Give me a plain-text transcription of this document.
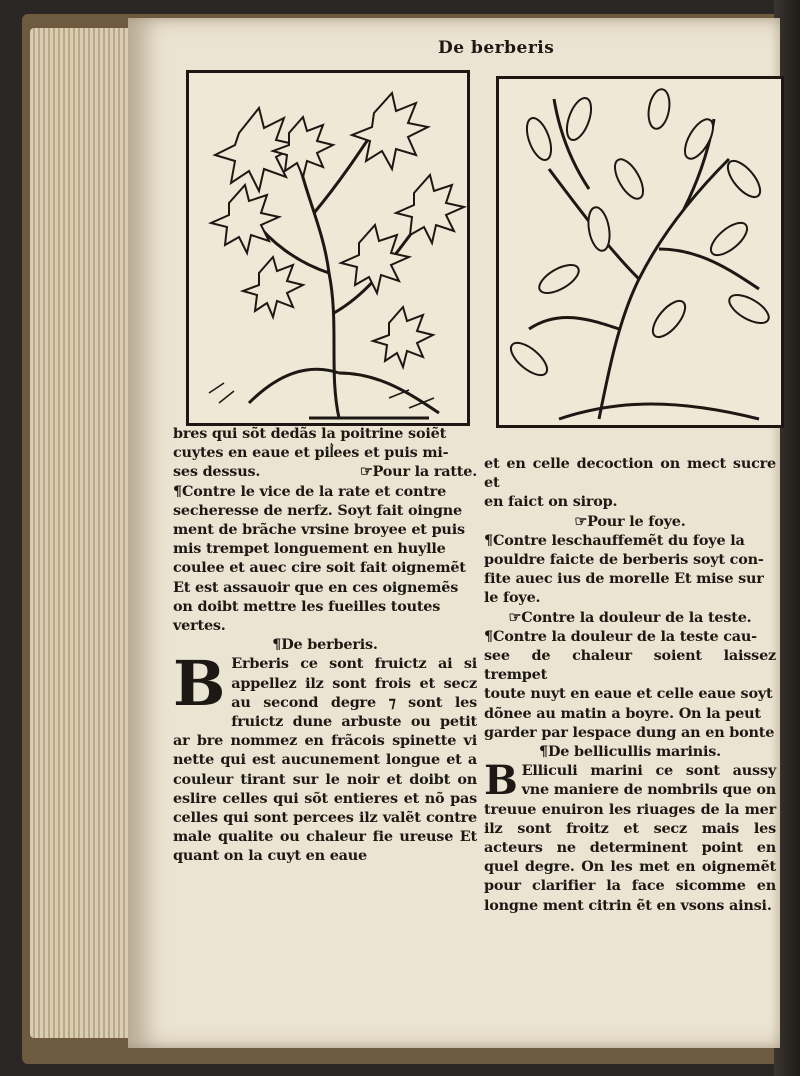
De berberis

bres qui sõt dedãs la poitrine soiẽt

cuytes en eaue et pil͛ees et puis mi-

ses dessus.	☞Pour la ratte.

¶Contre le vice de la rate et contre

secheresse de nerfz. Soyt fait oingne

ment de brãche vrsine broyee et puis

mis trempet longuement en huylle

coulee et auec cire soit fait oignemẽt

Et est assauoir que en ces oignemẽs

on doibt mettre les fueilles toutes

vertes.

¶De berberis.

B Erberis ce sont fruictz ai si appellez ilz sont frois et secz au second degre ⁊ sont les fruictz dune arbuste ou petit ar bre nommez en frãcois spinette vi nette qui est aucunement longue et a couleur tirant sur le noir et doibt on eslire celles qui sõt entieres et nõ pas celles qui sont percees ilz valẽt contre male qualite ou chaleur fie ureuse Et quant on la cuyt en eaue

et en celle decoction on mect sucre et

en faict on sirop.

☞Pour le foye.

¶Contre leschauffemẽt du foye la

pouldre faicte de berberis soyt con-

fite auec ius de morelle Et mise sur

le foye.

☞Contre la douleur de la teste.

¶Contre la douleur de la teste cau-

see de chaleur soient laissez trempet

toute nuyt en eaue et celle eaue soyt

dõnee au matin a boyre. On la peut

garder par lespace dung an en bonte

¶De bellicullis marinis.

B Elliculi marini ce sont aussy vne maniere de nombrils que on treuue enuiron les riuages de la mer ilz sont froitz et secz mais les acteurs ne determinent point en quel degre. On les met en oignemẽt pour clarifier la face sicomme en longne ment citrin ẽt en vsons ainsi.
